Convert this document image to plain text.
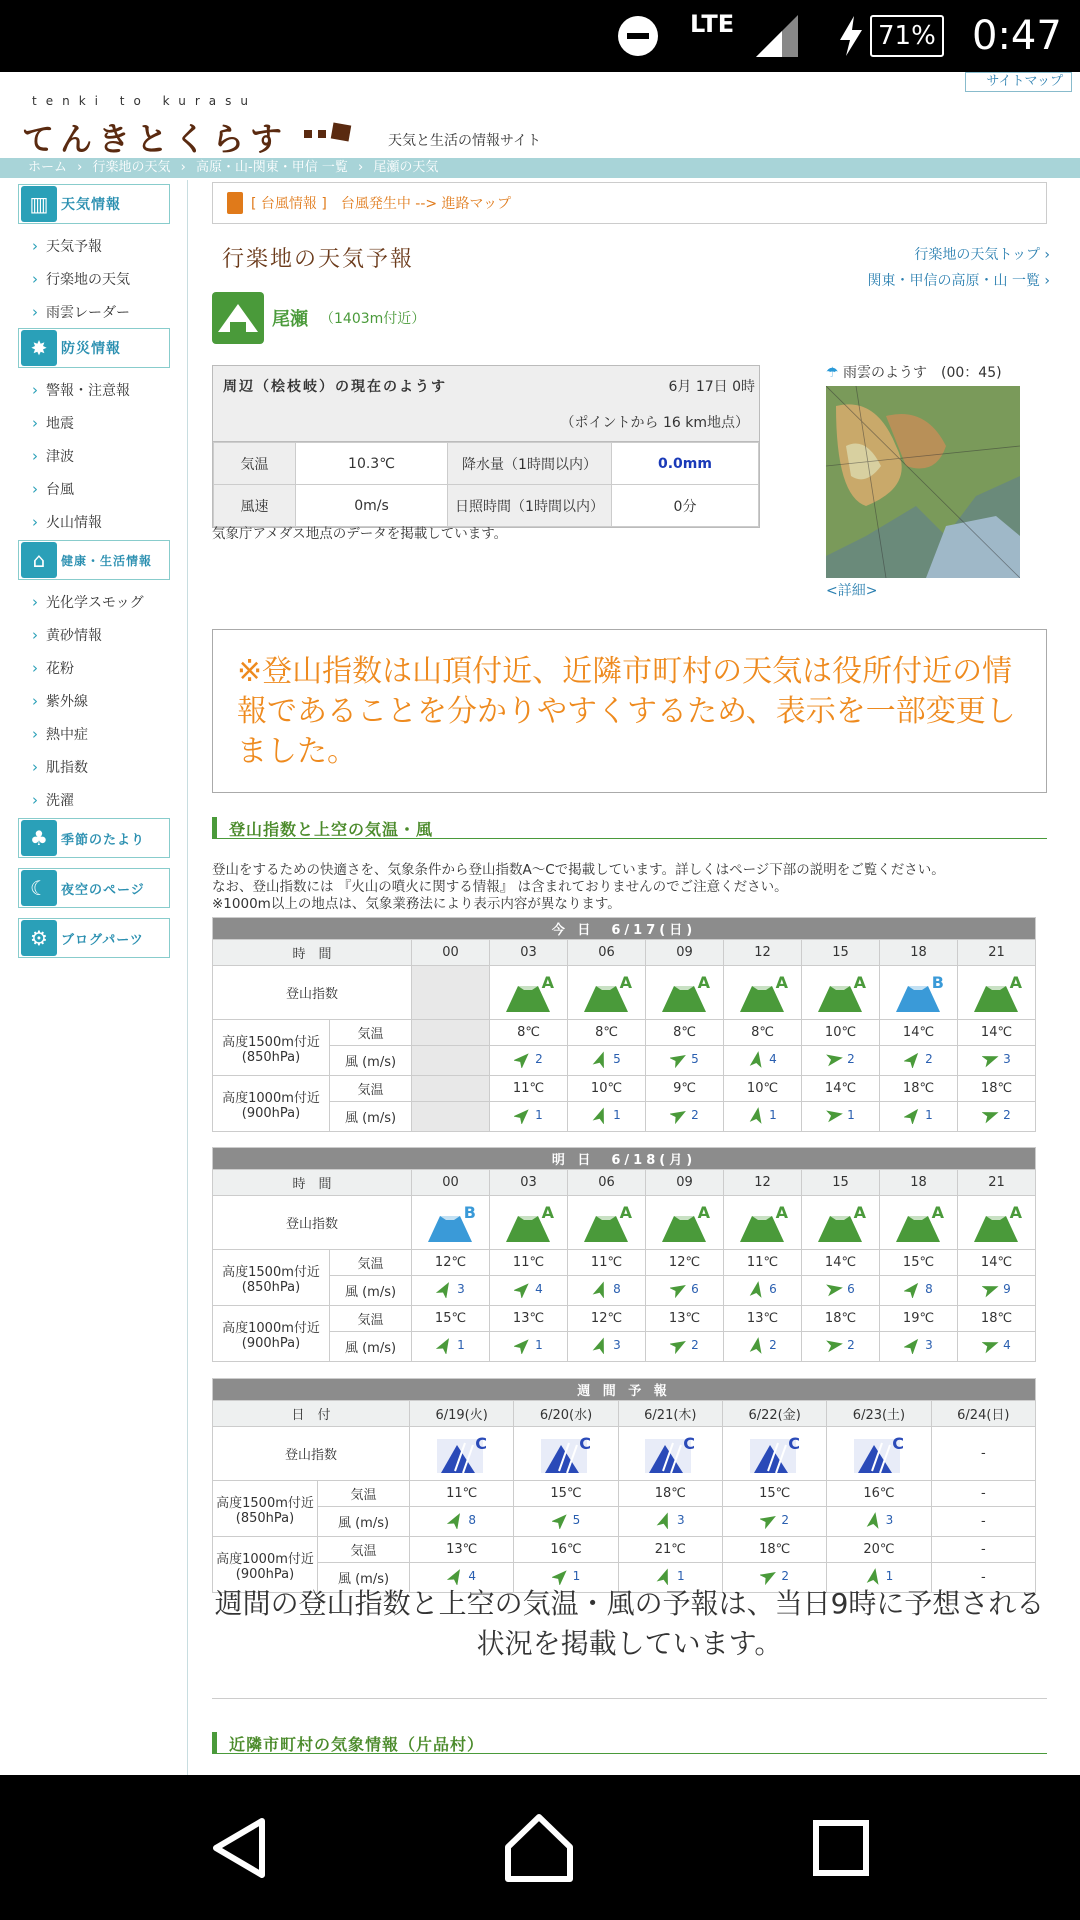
LTE	71% 0:47
サイトマップ
tenki to kurasu
てんきとくらす	天気と生活の情報サイト
ホーム › 行楽地の天気 › 高原・山-関東・甲信 一覧 › 尾瀬の天気
▥ 天気情報
› 天気予報
› 行楽地の天気
› 雨雲レーダー
✸ 防災情報
› 警報・注意報
› 地震
› 津波
› 台風
› 火山情報
⌂	健康・生活情報
› 光化学スモッグ
› 黄砂情報
› 花粉
› 紫外線
› 熱中症
› 肌指数
› 洗濯
♣	季節のたより
☾	夜空のページ
⚙	ブログパーツ
[ 台風情報 ] 台風発生中 --> 進路マップ
行楽地の天気予報	行楽地の天気トップ ›
関東・甲信の高原・山 一覧 ›
尾瀬 （1403m付近）
周辺（桧枝岐）の現在のようす	6月 17日 0時
（ポイントから 16 km地点）
気温	10.3℃	降水量（1時間以内）	0.0mm
風速	0m/s	日照時間（1時間以内）	0分
気象庁アメダス地点のデータを掲載しています。
☂ 雨雲のようす　(00：45)
<詳細>
※登山指数は山頂付近、近隣市町村の天気は役所付近の情報であることを分かりやすくするため、表示を一部変更しました。
登山指数と上空の気温・風
登山をするための快適さを、気象条件から登山指数A〜Cで掲載しています。詳しくはページ下部の説明をご覧ください。
なお、登山指数には 『火山の噴火に関する情報』 は含まれておりませんのでご注意ください。
※1000m以上の地点は、気象業務法により表示内容が異なります。
今 日　6/17(日)									
時　間		00	03	06	09	12	15	18	21
登山指数			A	A	A	A	A	B	A

高度1500m付近
(850hPa)	気温		8℃	8℃	8℃	8℃	10℃	14℃	14℃
	風 (m/s)		2	5	5	4	2	2	3

高度1000m付近
(900hPa)	気温		11℃	10℃	9℃	10℃	14℃	18℃	18℃
	風 (m/s)		1	1	2	1	1	1	2
明 日　6/18(月)									
時　間		00	03	06	09	12	15	18	21
登山指数		B	A	A	A	A	A	A	A

高度1500m付近
(850hPa)	気温	12℃	11℃	11℃	12℃	11℃	14℃	15℃	14℃
	風 (m/s)	3	4	8	6	6	6	8	9

高度1000m付近
(900hPa)	気温	15℃	13℃	12℃	13℃	13℃	18℃	19℃	18℃
	風 (m/s)	1	1	3	2	2	2	3	4
週 間 予 報							
日　付		6/19(火)	6/20(水)	6/21(木)	6/22(金)	6/23(土)	6/24(日)
登山指数		C	C	C	C	C	-

高度1500m付近
(850hPa)	気温	11℃	15℃	18℃	15℃	16℃	-
	風 (m/s)	8	5	3	2	3	-

高度1000m付近
(900hPa)	気温	13℃	16℃	21℃	18℃	20℃	-
	風 (m/s)	4	1	1	2	1	-
週間の登山指数と上空の気温・風の予報は、当日9時に予想される状況を掲載しています。
近隣市町村の気象情報（片品村）
